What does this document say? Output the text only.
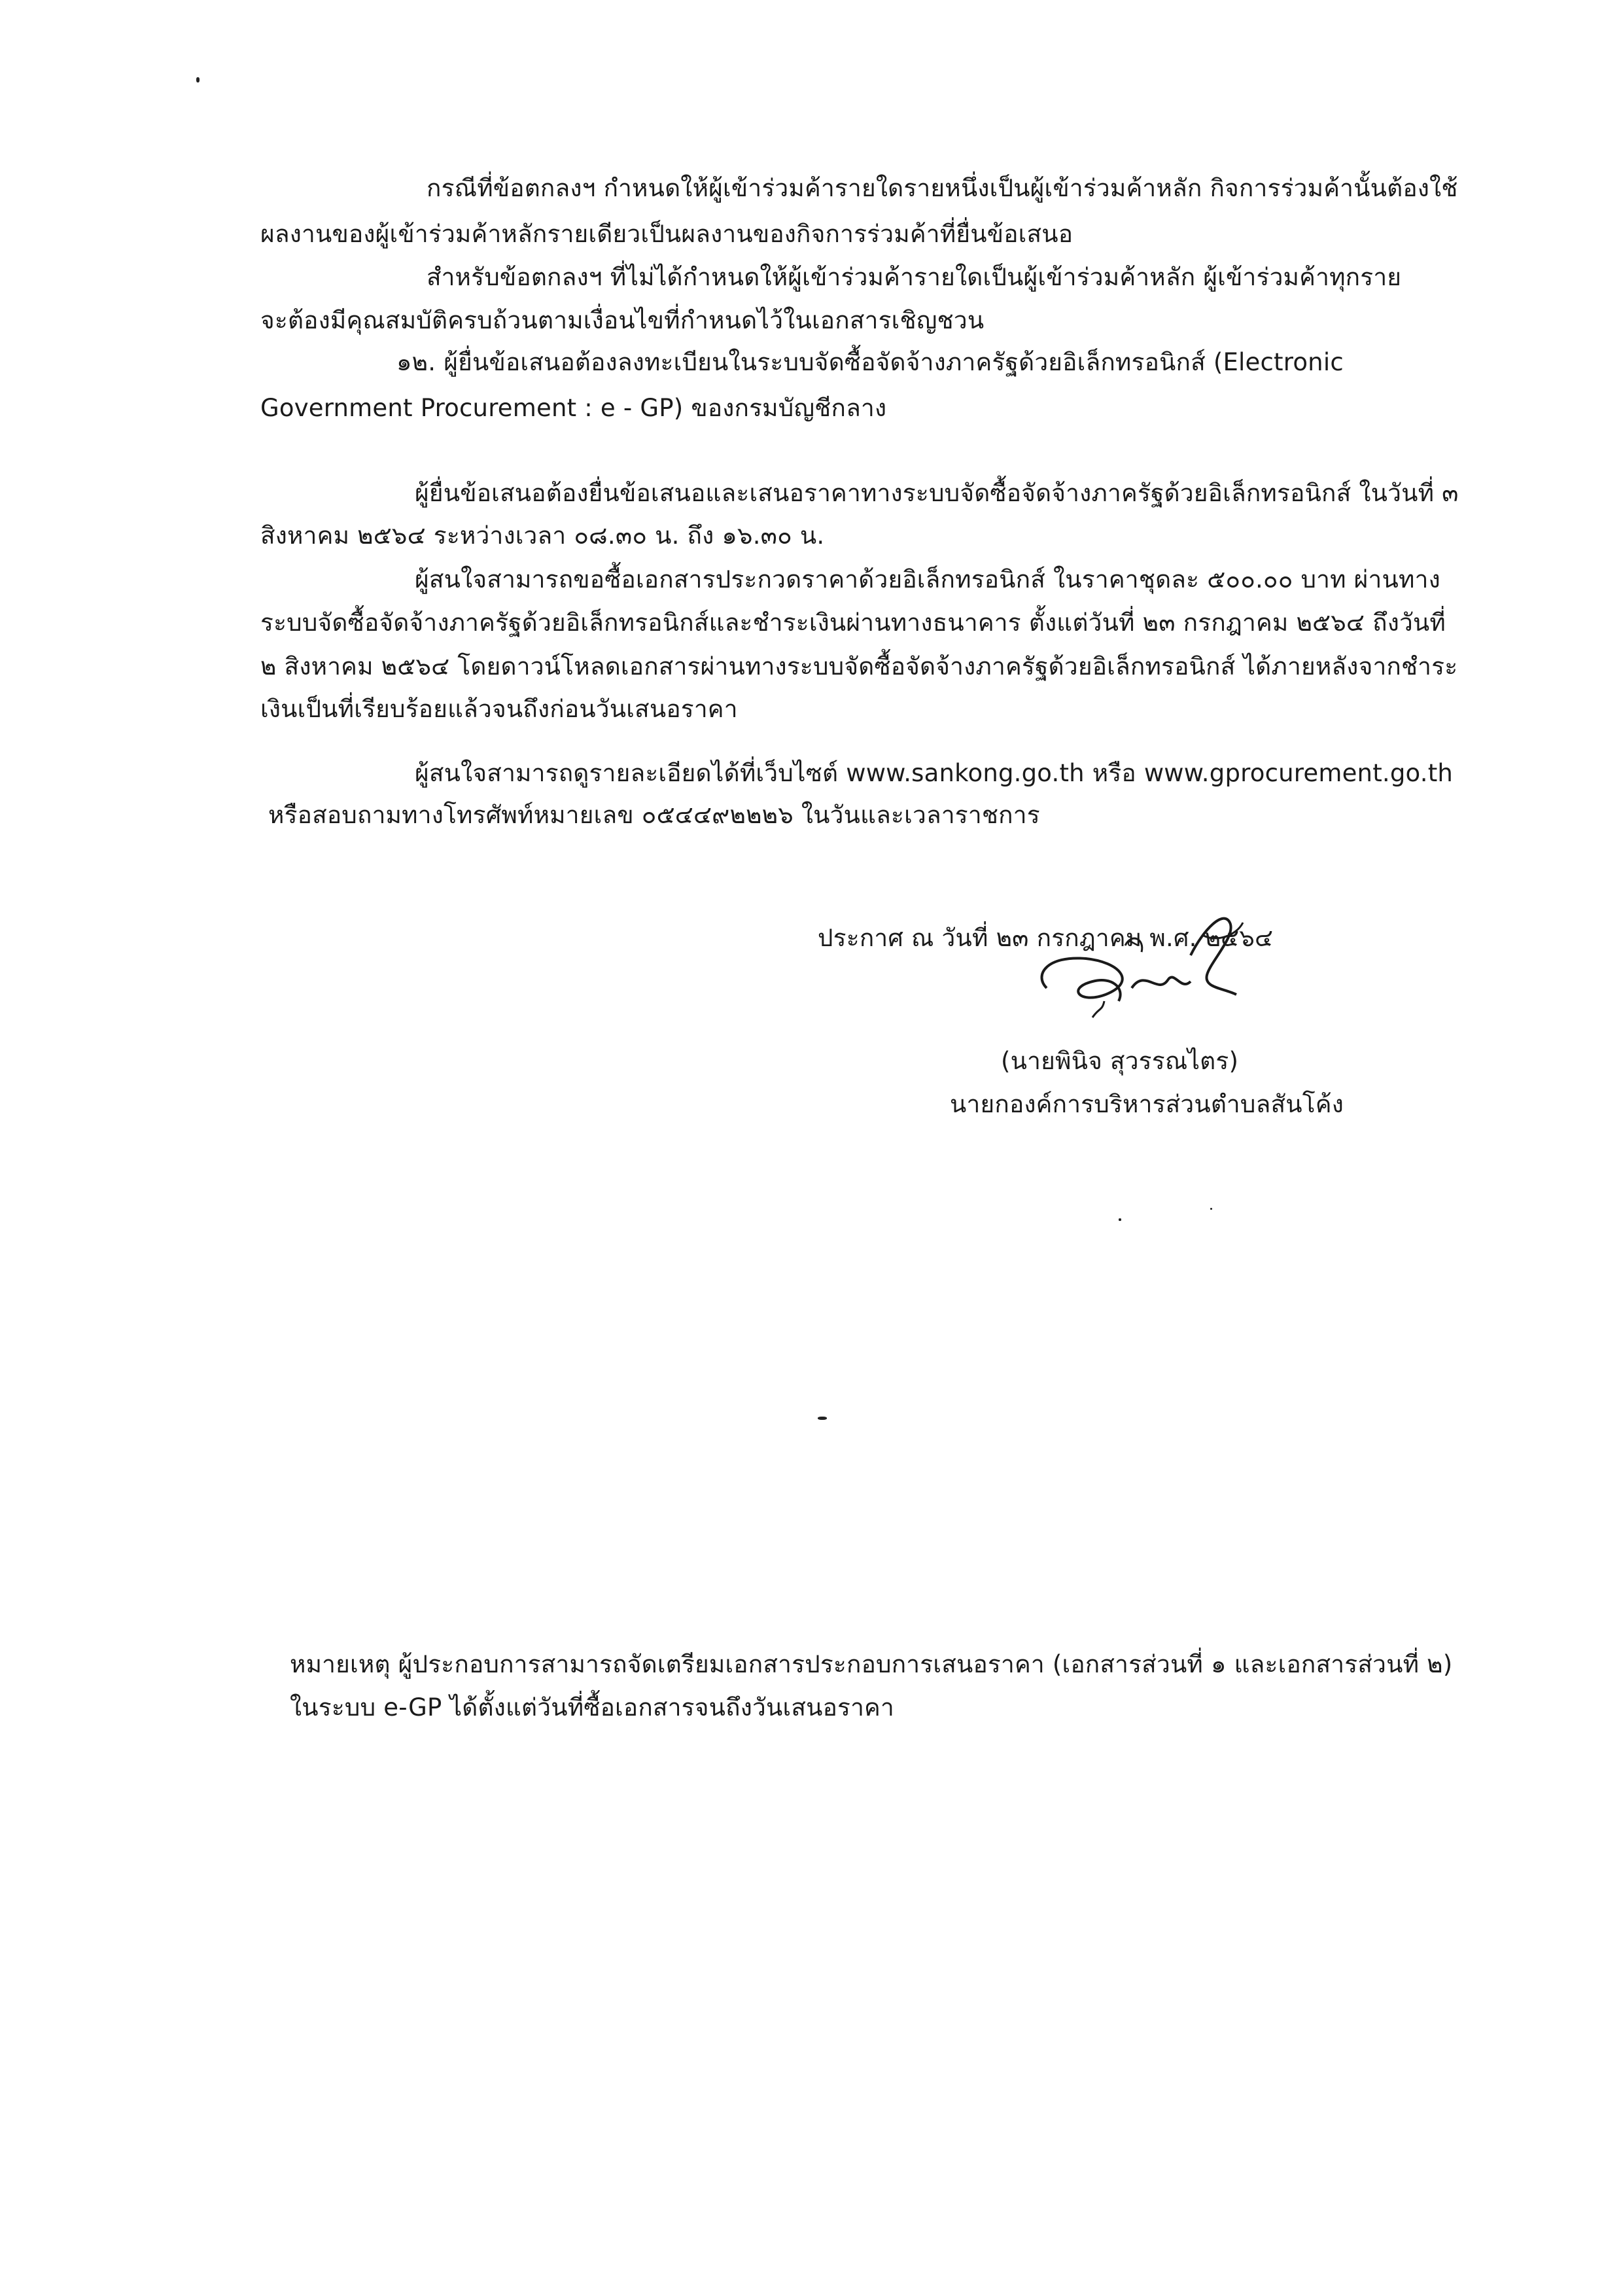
กรณีที่ข้อตกลงฯ กำหนดให้ผู้เข้าร่วมค้ารายใดรายหนึ่งเป็นผู้เข้าร่วมค้าหลัก กิจการร่วมค้านั้นต้องใช้
ผลงานของผู้เข้าร่วมค้าหลักรายเดียวเป็นผลงานของกิจการร่วมค้าที่ยื่นข้อเสนอ
สำหรับข้อตกลงฯ ที่ไม่ได้กำหนดให้ผู้เข้าร่วมค้ารายใดเป็นผู้เข้าร่วมค้าหลัก ผู้เข้าร่วมค้าทุกราย
จะต้องมีคุณสมบัติครบถ้วนตามเงื่อนไขที่กำหนดไว้ในเอกสารเชิญชวน
๑๒. ผู้ยื่นข้อเสนอต้องลงทะเบียนในระบบจัดซื้อจัดจ้างภาครัฐด้วยอิเล็กทรอนิกส์ (Electronic
Government Procurement : e - GP) ของกรมบัญชีกลาง
ผู้ยื่นข้อเสนอต้องยื่นข้อเสนอและเสนอราคาทางระบบจัดซื้อจัดจ้างภาครัฐด้วยอิเล็กทรอนิกส์ ในวันที่ ๓
สิงหาคม ๒๕๖๔ ระหว่างเวลา ๐๘.๓๐ น. ถึง ๑๖.๓๐ น.
ผู้สนใจสามารถขอซื้อเอกสารประกวดราคาด้วยอิเล็กทรอนิกส์ ในราคาชุดละ ๕๐๐.๐๐ บาท ผ่านทาง
ระบบจัดซื้อจัดจ้างภาครัฐด้วยอิเล็กทรอนิกส์และชำระเงินผ่านทางธนาคาร ตั้งแต่วันที่ ๒๓ กรกฎาคม ๒๕๖๔ ถึงวันที่
๒ สิงหาคม ๒๕๖๔ โดยดาวน์โหลดเอกสารผ่านทางระบบจัดซื้อจัดจ้างภาครัฐด้วยอิเล็กทรอนิกส์ ได้ภายหลังจากชำระ
เงินเป็นที่เรียบร้อยแล้วจนถึงก่อนวันเสนอราคา
ผู้สนใจสามารถดูรายละเอียดได้ที่เว็บไซต์ www.sankong.go.th หรือ www.gprocurement.go.th
หรือสอบถามทางโทรศัพท์หมายเลข ๐๕๔๔๙๒๒๒๖ ในวันและเวลาราชการ
ประกาศ ณ วันที่ ๒๓ กรกฎาคม พ.ศ. ๒๕๖๔
(นายพินิจ สุวรรณไตร)
นายกองค์การบริหารส่วนตำบลสันโค้ง
หมายเหตุ ผู้ประกอบการสามารถจัดเตรียมเอกสารประกอบการเสนอราคา (เอกสารส่วนที่ ๑ และเอกสารส่วนที่ ๒)
ในระบบ e-GP ได้ตั้งแต่วันที่ซื้อเอกสารจนถึงวันเสนอราคา
